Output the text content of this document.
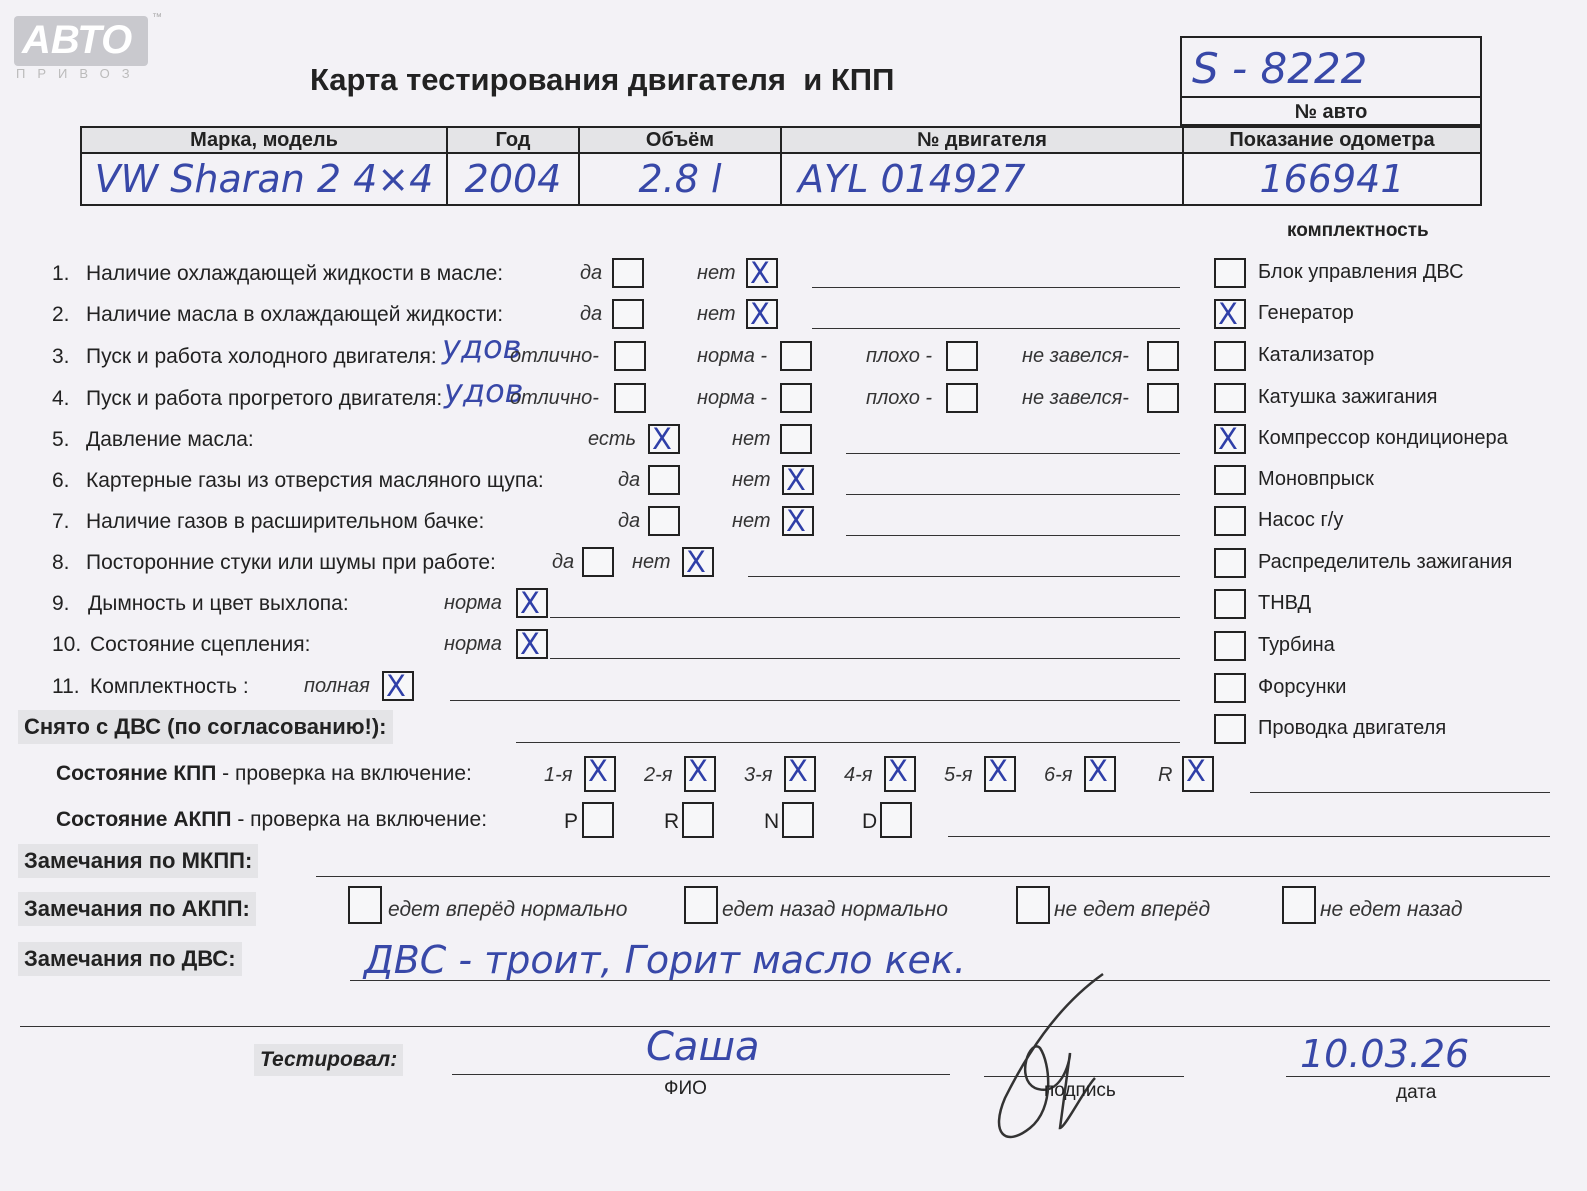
АВТО
™
ПРИВОЗ	Карта тестирования двигателя  и КПП	S - 8222
№ авто
Марка, модель	Год	Объём	№ двигателя	Показание одометра
VW Sharan 2 4×4	2004	2.8 l	AYL 014927	166941
комплектность
Блок управления ДВС
X Генератор
Катализатор
Катушка зажигания
X Компрессор кондиционера
Моновпрыск
Насос г/у
Распределитель зажигания
ТНВД
Турбина
Форсунки
Проводка двигателя
1. Наличие охлаждающей жидкости в масле:	да	нет X
2. Наличие масла в охлаждающей жидкости:	да	нет X
3. Пуск и работа холодного двигателя: удов
отлично-	норма -	плохо -	не завелся-
4. Пуск и работа прогретого двигателя: удов
отлично-	норма -	плохо -	не завелся-
5. Давление масла:	есть X	нет
6. Картерные газы из отверстия масляного щупа:	да	нет X
7. Наличие газов в расширительном бачке:	да	нет X
8. Посторонние стуки или шумы при работе:	да	нет X
9. Дымность и цвет выхлопа:	норма X
10. Состояние сцепления:	норма X
11. Комплектность :	полная X
Снято с ДВС (по согласованию!):
Состояние КПП - проверка на включение:	1-я X 2-я X 3-я X 4-я X 5-я X 6-я X	R X
Состояние АКПП - проверка на включение:	P	R	N	D
Замечания по МКПП:
Замечания по АКПП:	едет вперёд нормально	едет назад нормально	не едет вперёд	не едет назад
Замечания по ДВС:	ДВС - троит, Горит масло кек.
Тестировал:	Саша
ФИО	подпись
10.03.26
дата
